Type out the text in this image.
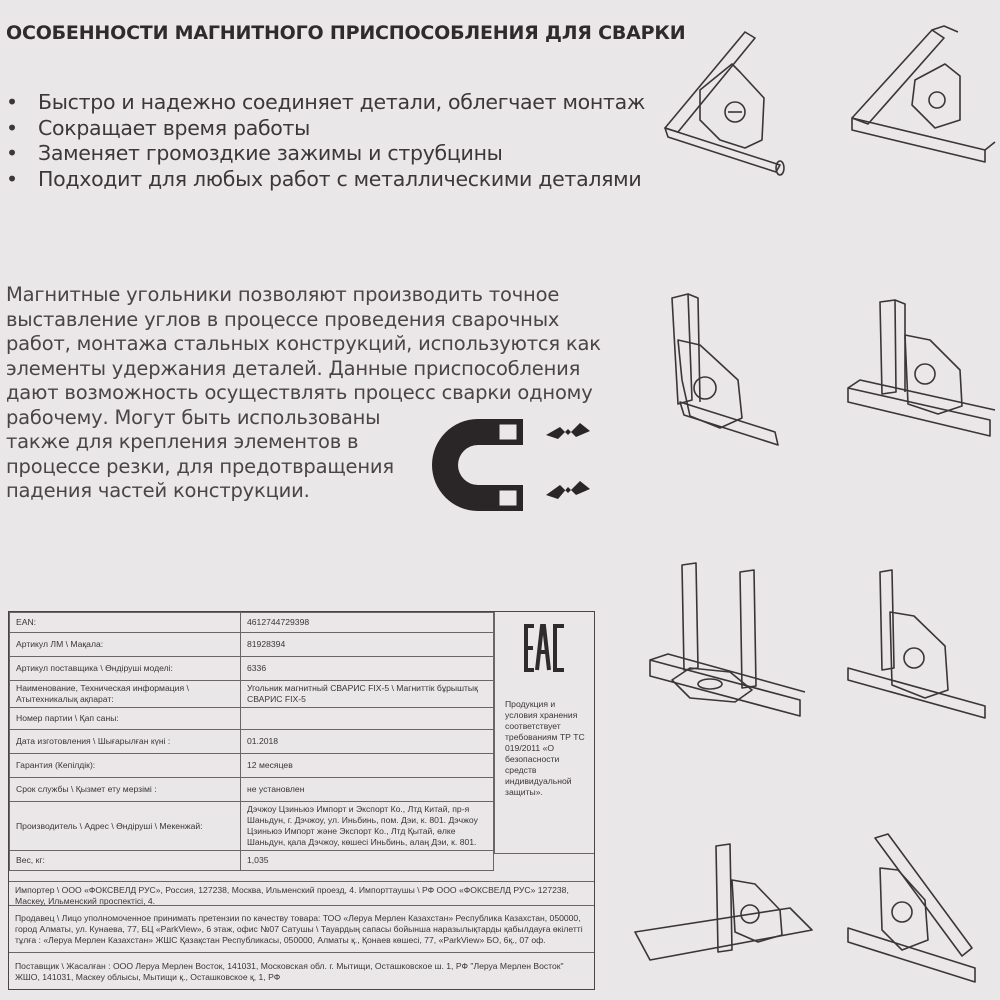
ОСОБЕННОСТИ МАГНИТНОГО ПРИСПОСОБЛЕНИЯ ДЛЯ СВАРКИ
• Быстро и надежно соединяет детали, облегчает монтаж
• Сокращает время работы
• Заменяет громоздкие зажимы и струбцины
• Подходит для любых работ с металлическими деталями
Магнитные угольники позволяют производить точное
выставление углов в процессе проведения сварочных
работ, монтажа стальных конструкций, используются как
элементы удержания деталей. Данные приспособления
дают возможность осуществлять процесс сварки одному
рабочему. Могут быть использованы
также для крепления элементов в
процессе резки, для предотвращения
падения частей конструкции.
EAN:	4612744729398
Артикул ЛМ \ Мақала:	81928394
Артикул поставщика \ Өндіруші моделі:	6336
Наименование, Техническая информация \ Атытехникалық ақпарат:	Угольник магнитный СВАРИС FIX-5 \ Магниттік бұрыштық СВАРИС FIX-5
Номер партии \ Қап саны:	
Дата изготовления \ Шығарылған күні :	01.2018
Гарантия (Кепілдік):	12 месяцев
Срок службы \ Қызмет ету мерзімі :	не установлен
Производитель \ Адрес \ Өндіруші \ Мекенжай:	Дэчжоу Цзиньюэ Импорт и Экспорт Ко., Лтд Китай, пр-я Шаньдун, г. Дэчжоу, ул. Иньбинь, пом. Дэи, к. 801. Дэчжоу Цзиньюэ Импорт және Экспорт Ко., Лтд Қытай, өлке Шаньдун, қала Дэчжоу, көшесі Иньбинь, алаң Дэи, к. 801.
Вес, кг:	1,035
Продукция и условия хранения соответствует требованиям ТР ТС 019/2011 «О безопасности средств индивидуальной защиты».
Импортер \ ООО «ФОКСВЕЛД РУС», Россия, 127238, Москва, Ильменский проезд, 4. Импорттаушы \ РФ ООО «ФОКСВЕЛД РУС» 127238, Маскеу, Ильменский проспектісі, 4.
Продавец \ Лицо уполномоченное принимать претензии по качеству товара: ТОО «Леруа Мерлен Казахстан» Республика Казахстан, 050000, город Алматы, ул. Кунаева, 77, БЦ «ParkView», 6 этаж, офис №07 Сатушы \ Тауардың сапасы бойынша наразылықтарды қабылдауға өкілетті тұлға : «Леруа Мерлен Казахстан» ЖШС Қазақстан Республикасы, 050000, Алматы қ., Қонаев көшесі, 77, «ParkView» БО, 6қ., 07 оф.
Поставщик \ Жасалған : ООО Леруа Мерлен Восток, 141031, Московская обл. г. Мытищи, Осташковское ш. 1, РФ "Леруа Мерлен Восток" ЖШО, 141031, Маскеу облысы, Мытищи қ., Осташковское қ, 1, РФ
